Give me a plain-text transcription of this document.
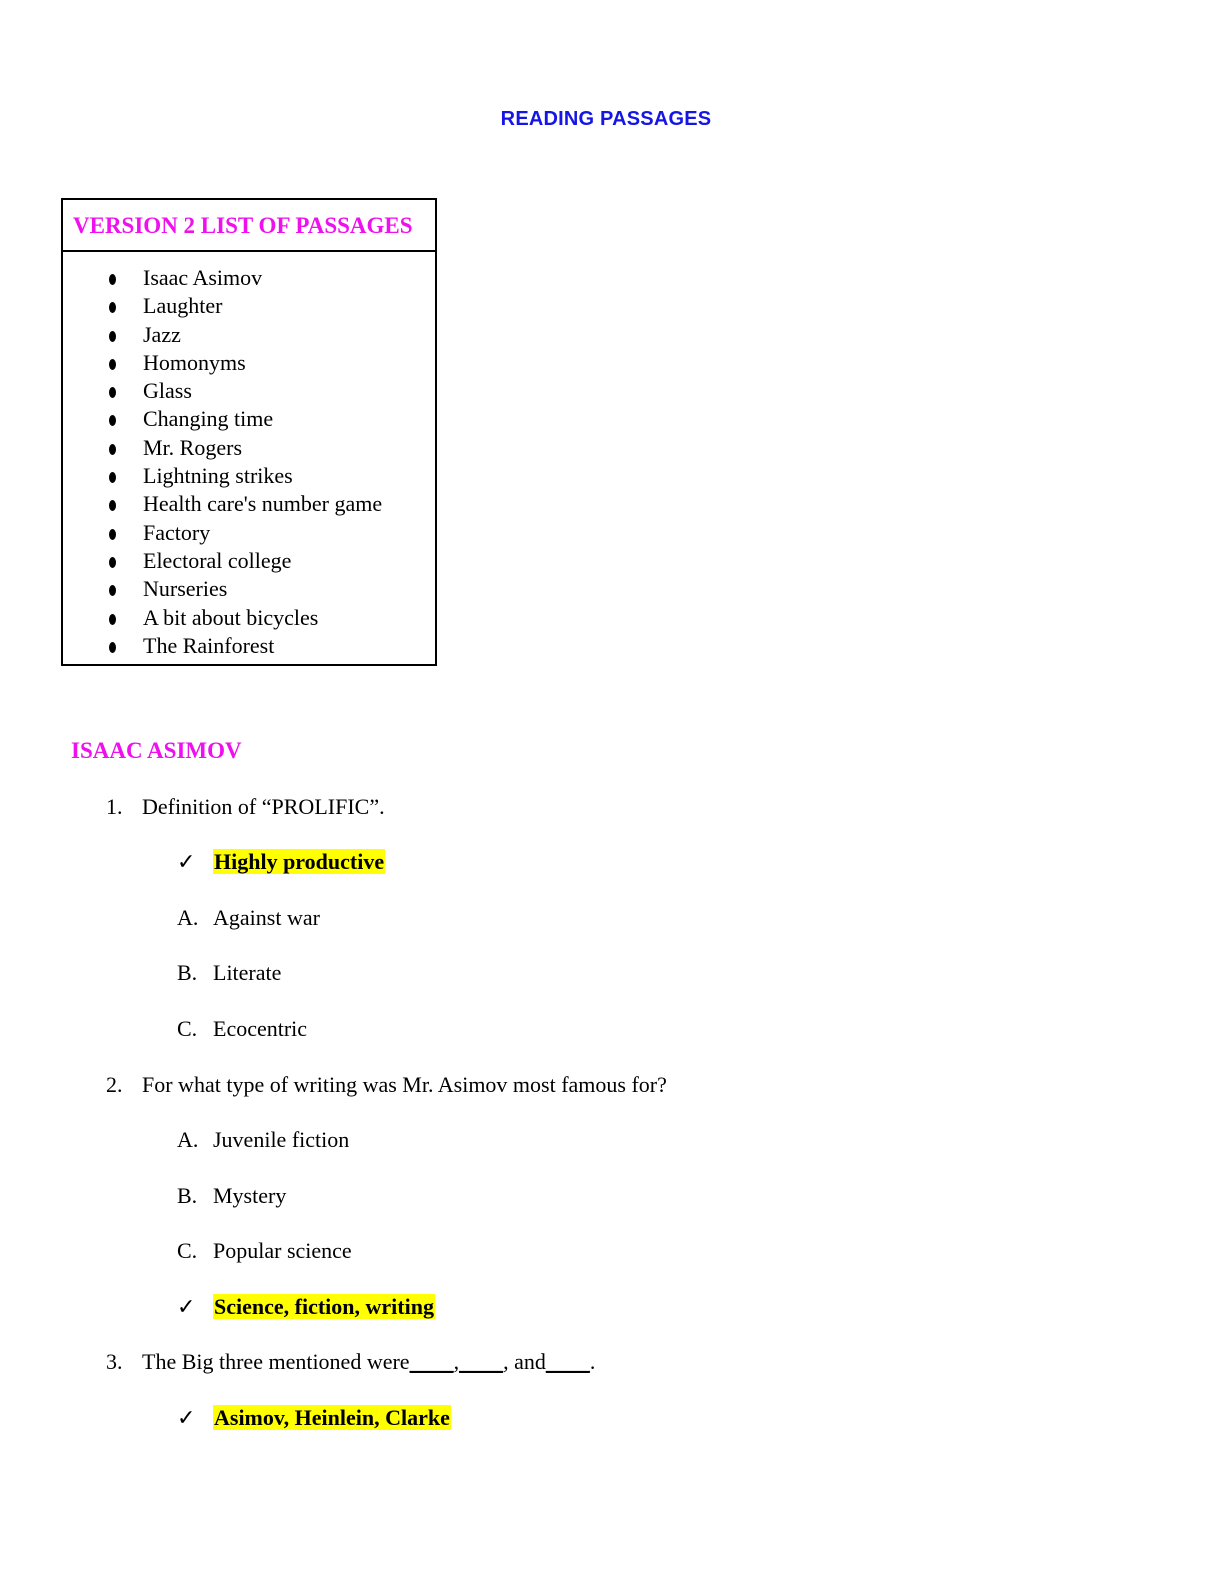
READING PASSAGES
VERSION 2 LIST OF PASSAGES
Isaac Asimov
Laughter
Jazz
Homonyms
Glass
Changing time
Mr. Rogers
Lightning strikes
Health care's number game
Factory
Electoral college
Nurseries
A bit about bicycles
The Rainforest
ISAAC ASIMOV
1. Definition of “PROLIFIC”.
✓ Highly productive
A. Against war
B. Literate
C. Ecocentric
2. For what type of writing was Mr. Asimov most famous for?
A. Juvenile fiction
B. Mystery
C. Popular science
✓ Science, fiction, writing
3. The Big three mentioned were____,____, and____.
✓ Asimov, Heinlein, Clarke
